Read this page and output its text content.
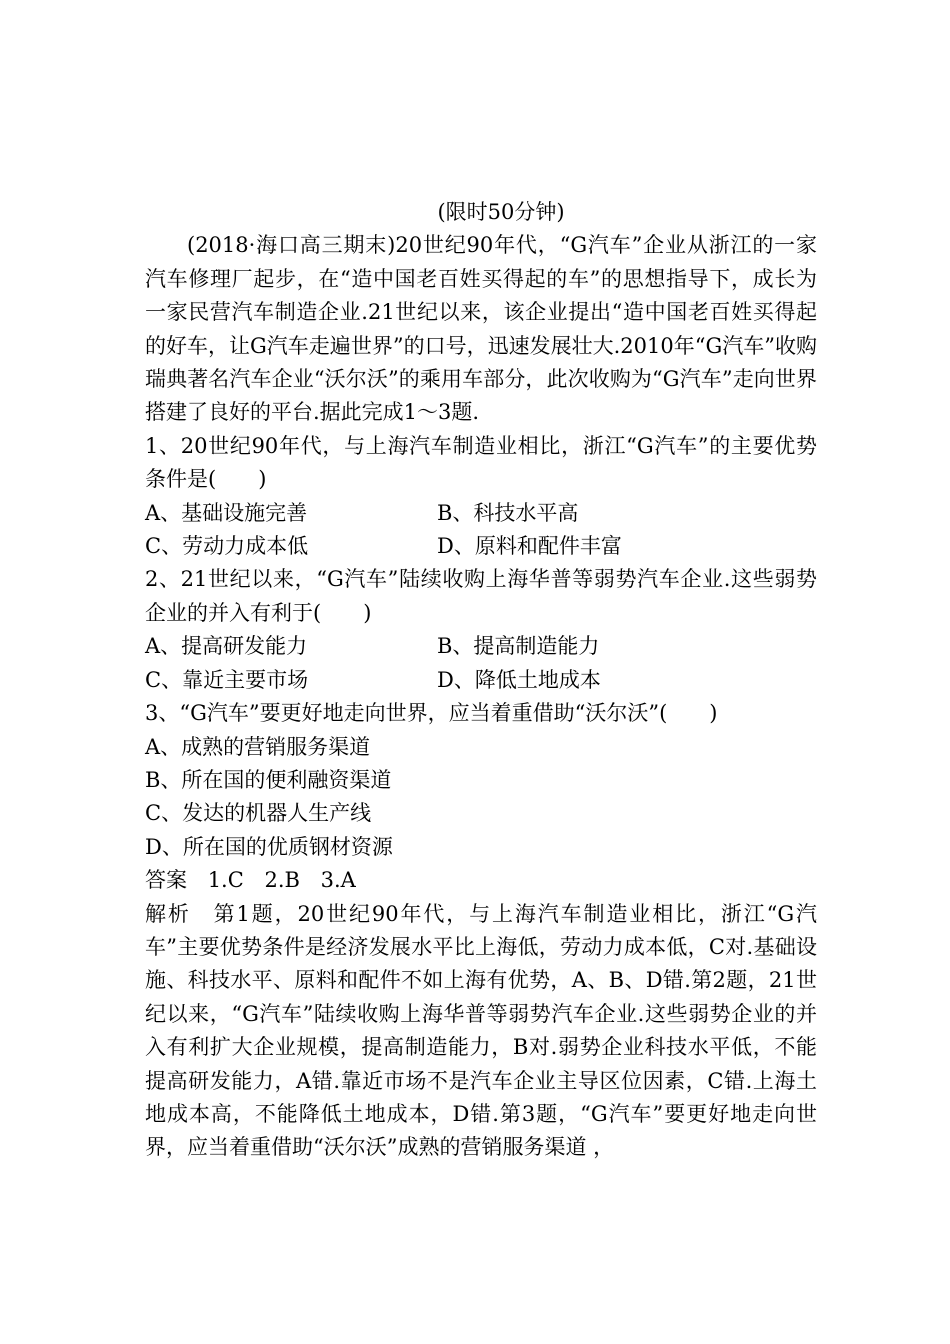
(限时50分钟)
(2018·海口高三期末)20世纪90年代，“G汽车”企业从浙江的一家汽车修理厂起步，在“造中国老百姓买得起的车”的思想指导下，成长为一家民营汽车制造企业.21世纪以来，该企业提出“造中国老百姓买得起的好车，让G汽车走遍世界”的口号，迅速发展壮大.2010年“G汽车”收购瑞典著名汽车企业“沃尔沃”的乘用车部分，此次收购为“G汽车”走向世界搭建了良好的平台.据此完成1～3题.
1、20世纪90年代，与上海汽车制造业相比，浙江“G汽车”的主要优势条件是(　　)
A、基础设施完善	B、科技水平高
C、劳动力成本低	D、原料和配件丰富
2、21世纪以来，“G汽车”陆续收购上海华普等弱势汽车企业.这些弱势企业的并入有利于(　　)
A、提高研发能力	B、提高制造能力
C、靠近主要市场	D、降低土地成本
3、“G汽车”要更好地走向世界，应当着重借助“沃尔沃”(　　)
A、成熟的营销服务渠道
B、所在国的便利融资渠道
C、发达的机器人生产线
D、所在国的优质钢材资源
答案 1.C 2.B 3.A
解析　 第1题，20世纪90年代，与上海汽车制造业相比，浙江“G汽车”主要优势条件是经济发展水平比上海低，劳动力成本低，C对.基础设施、科技水平、原料和配件不如上海有优势，A、B、D错.第2题，21世纪以来，“G汽车”陆续收购上海华普等弱势汽车企业.这些弱势企业的并入有利扩大企业规模，提高制造能力，B对.弱势企业科技水平低，不能提高研发能力，A错.靠近市场不是汽车企业主导区位因素，C错.上海土地成本高，不能降低土地成本，D错.第3题，“G汽车”要更好地走向世界，应当着重借助“沃尔沃”成熟的营销服务渠道 ，
